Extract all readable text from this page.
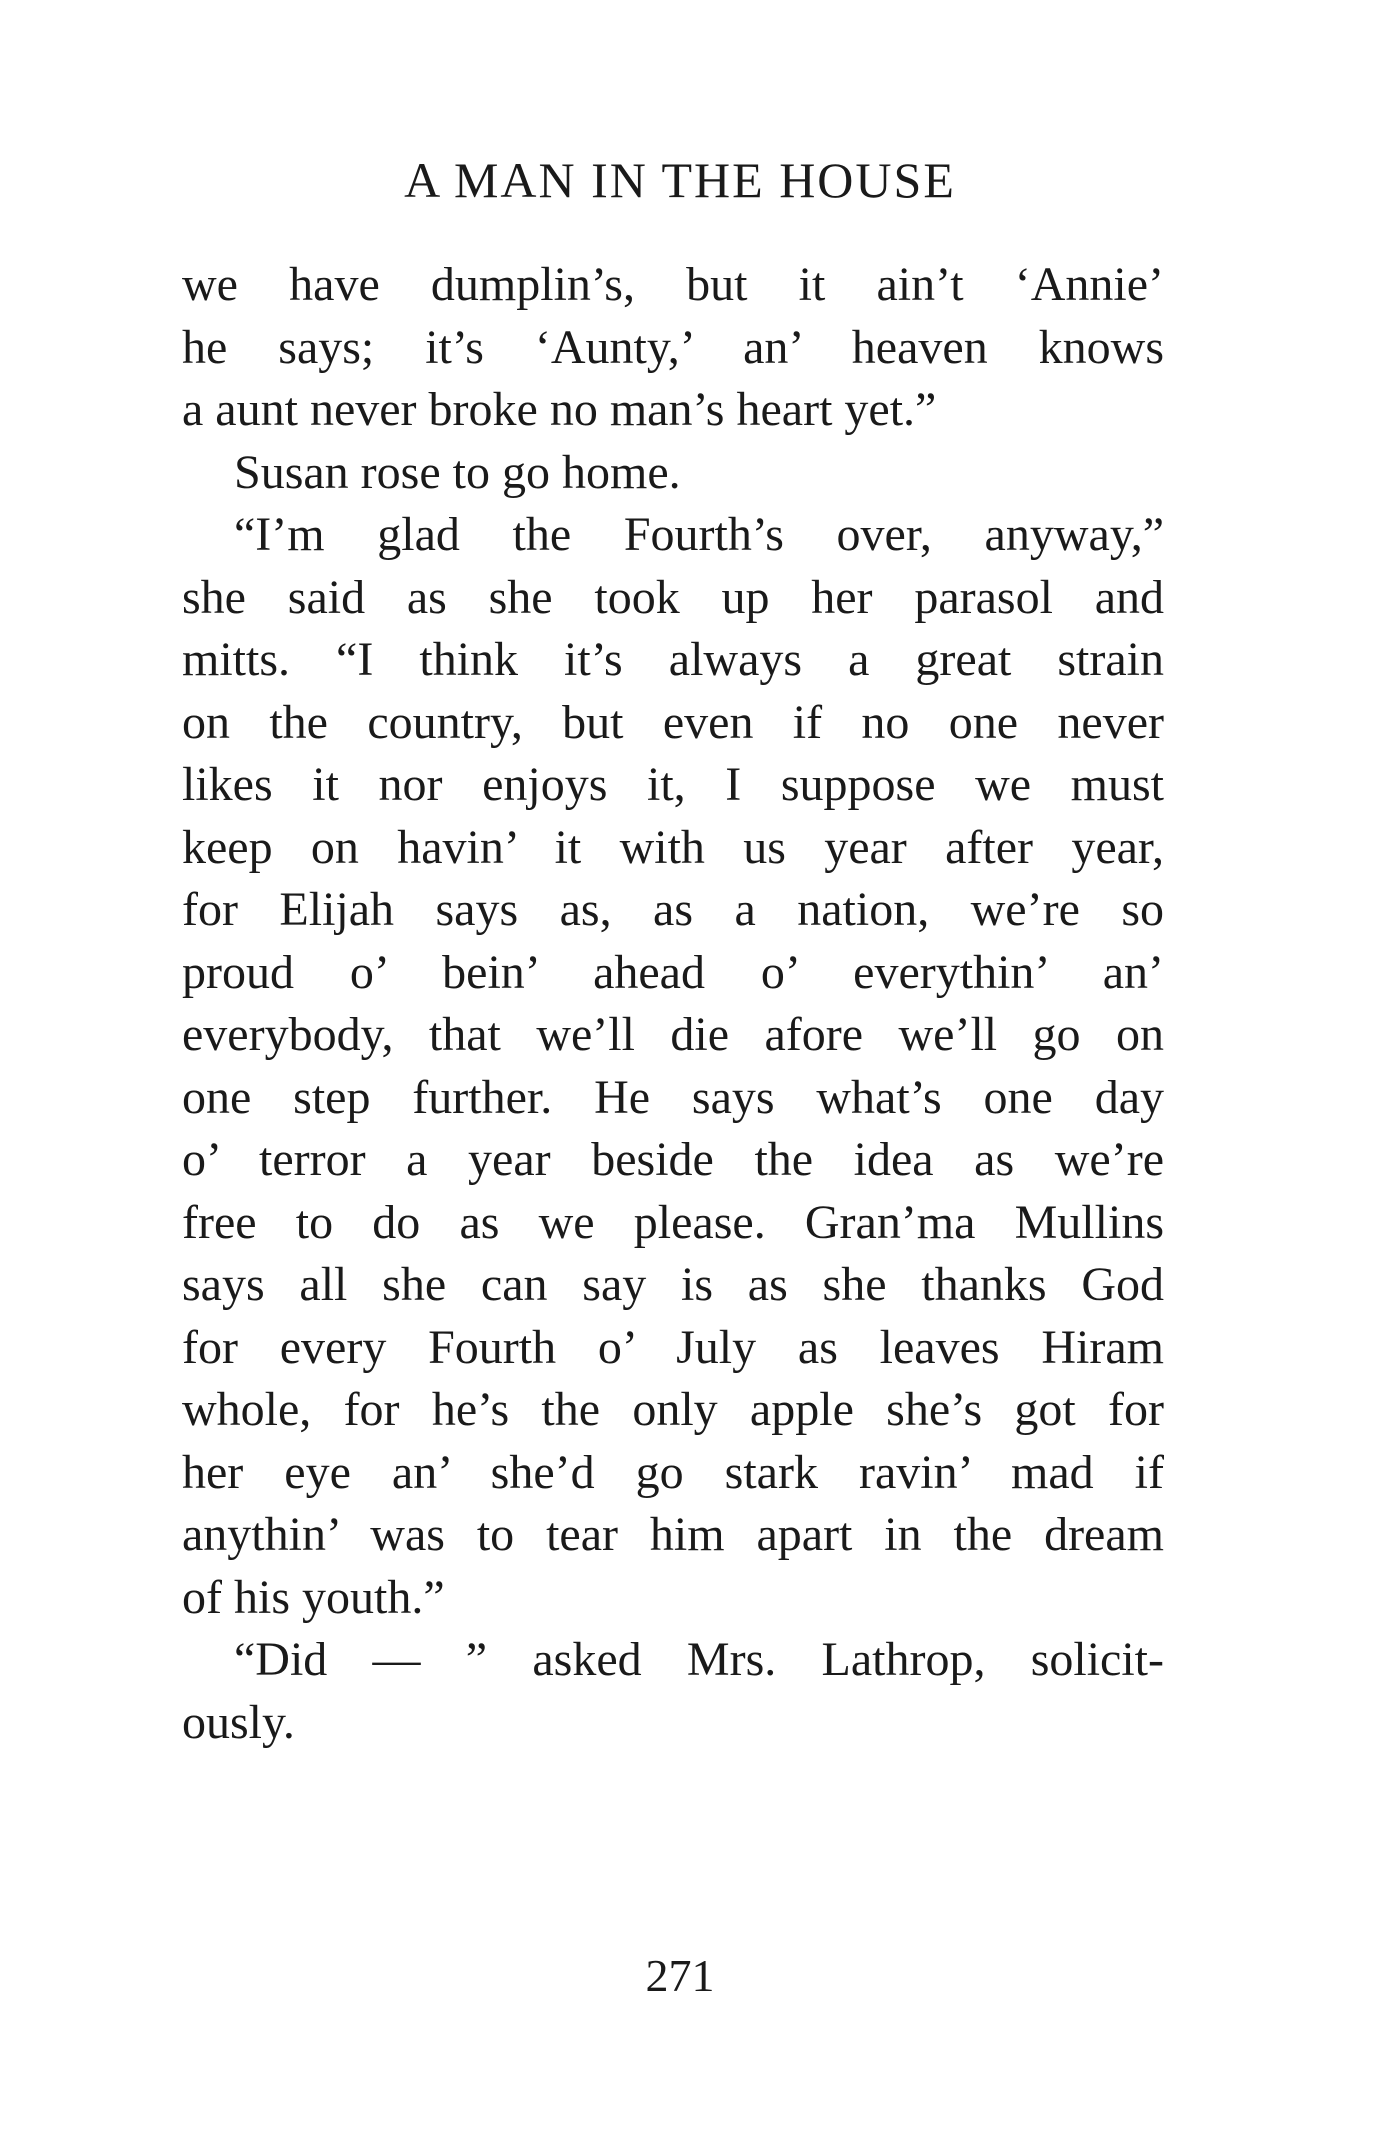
A MAN IN THE HOUSE
we have dumplin’s, but it ain’t ‘Annie’
he says; it’s ‘Aunty,’ an’ heaven knows
a aunt never broke no man’s heart yet.”
Susan rose to go home.
“I’m glad the Fourth’s over, anyway,”
she said as she took up her parasol and
mitts. “I think it’s always a great strain
on the country, but even if no one never
likes it nor enjoys it, I suppose we must
keep on havin’ it with us year after year,
for Elijah says as, as a nation, we’re so
proud o’ bein’ ahead o’ everythin’ an’
everybody, that we’ll die afore we’ll go on
one step further. He says what’s one day
o’ terror a year beside the idea as we’re
free to do as we please. Gran’ma Mullins
says all she can say is as she thanks God
for every Fourth o’ July as leaves Hiram
whole, for he’s the only apple she’s got for
her eye an’ she’d go stark ravin’ mad if
anythin’ was to tear him apart in the dream
of his youth.”
“Did — ” asked Mrs. Lathrop, solicit-
ously.
271
